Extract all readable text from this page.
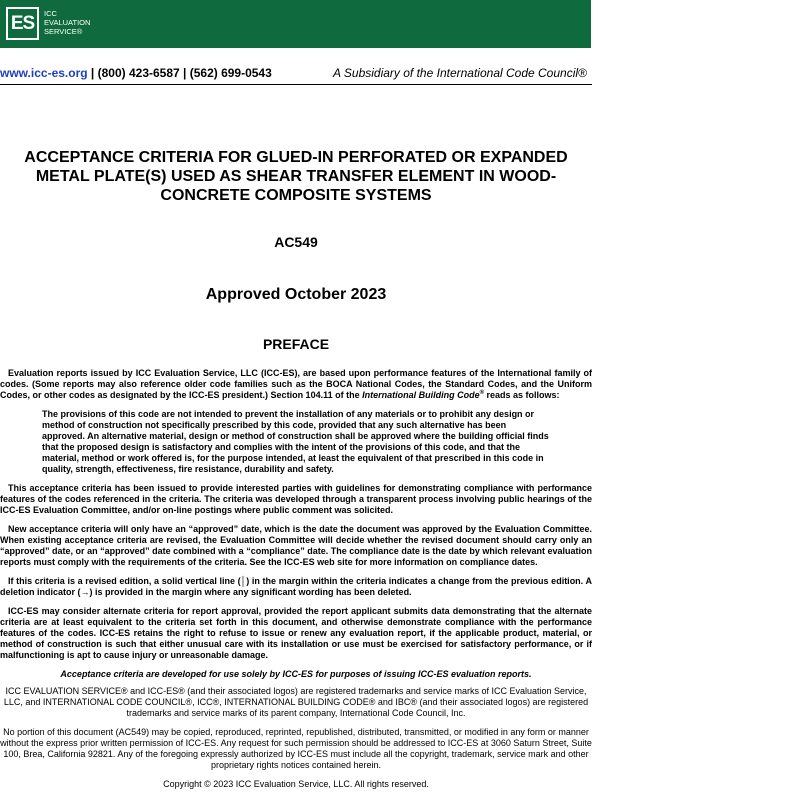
ES	ICC
EVALUATION
SERVICE®
www.icc-es.org | (800) 423-6587 | (562) 699-0543	A Subsidiary of the International Code Council®
ACCEPTANCE CRITERIA FOR GLUED-IN PERFORATED OR EXPANDED
METAL PLATE(S) USED AS SHEAR TRANSFER ELEMENT IN WOOD-
CONCRETE COMPOSITE SYSTEMS
AC549
Approved October 2023
PREFACE

Evaluation reports issued by ICC Evaluation Service, LLC (ICC-ES), are based upon performance features of the International family of codes. (Some reports may also reference older code families such as the BOCA National Codes, the Standard Codes, and the Uniform Codes, or other codes as designated by the ICC-ES president.) Section 104.11 of the International Building Code® reads as follows:

The provisions of this code are not intended to prevent the installation of any materials or to prohibit any design or method of construction not specifically prescribed by this code, provided that any such alternative has been approved. An alternative material, design or method of construction shall be approved where the building official finds that the proposed design is satisfactory and complies with the intent of the provisions of this code, and that the material, method or work offered is, for the purpose intended, at least the equivalent of that prescribed in this code in quality, strength, effectiveness, fire resistance, durability and safety.

This acceptance criteria has been issued to provide interested parties with guidelines for demonstrating compliance with performance features of the codes referenced in the criteria. The criteria was developed through a transparent process involving public hearings of the ICC-ES Evaluation Committee, and/or on-line postings where public comment was solicited.

New acceptance criteria will only have an “approved” date, which is the date the document was approved by the Evaluation Committee. When existing acceptance criteria are revised, the Evaluation Committee will decide whether the revised document should carry only an “approved” date, or an “approved” date combined with a “compliance” date. The compliance date is the date by which relevant evaluation reports must comply with the requirements of the criteria. See the ICC-ES web site for more information on compliance dates.

If this criteria is a revised edition, a solid vertical line (│) in the margin within the criteria indicates a change from the previous edition. A deletion indicator (→) is provided in the margin where any significant wording has been deleted.

ICC-ES may consider alternate criteria for report approval, provided the report applicant submits data demonstrating that the alternate criteria are at least equivalent to the criteria set forth in this document, and otherwise demonstrate compliance with the performance features of the codes. ICC-ES retains the right to refuse to issue or renew any evaluation report, if the applicable product, material, or method of construction is such that either unusual care with its installation or use must be exercised for satisfactory performance, or if malfunctioning is apt to cause injury or unreasonable damage.

Acceptance criteria are developed for use solely by ICC-ES for purposes of issuing ICC-ES evaluation reports.

ICC EVALUATION SERVICE® and ICC-ES® (and their associated logos) are registered trademarks and service marks of ICC Evaluation Service, LLC, and INTERNATIONAL CODE COUNCIL®, ICC®, INTERNATIONAL BUILDING CODE® and IBC® (and their associated logos) are registered trademarks and service marks of its parent company, International Code Council, Inc.

No portion of this document (AC549) may be copied, reproduced, reprinted, republished, distributed, transmitted, or modified in any form or manner without the express prior written permission of ICC-ES. Any request for such permission should be addressed to ICC-ES at 3060 Saturn Street, Suite 100, Brea, California 92821. Any of the foregoing expressly authorized by ICC-ES must include all the copyright, trademark, service mark and other proprietary rights notices contained herein.

Copyright © 2023 ICC Evaluation Service, LLC. All rights reserved.
